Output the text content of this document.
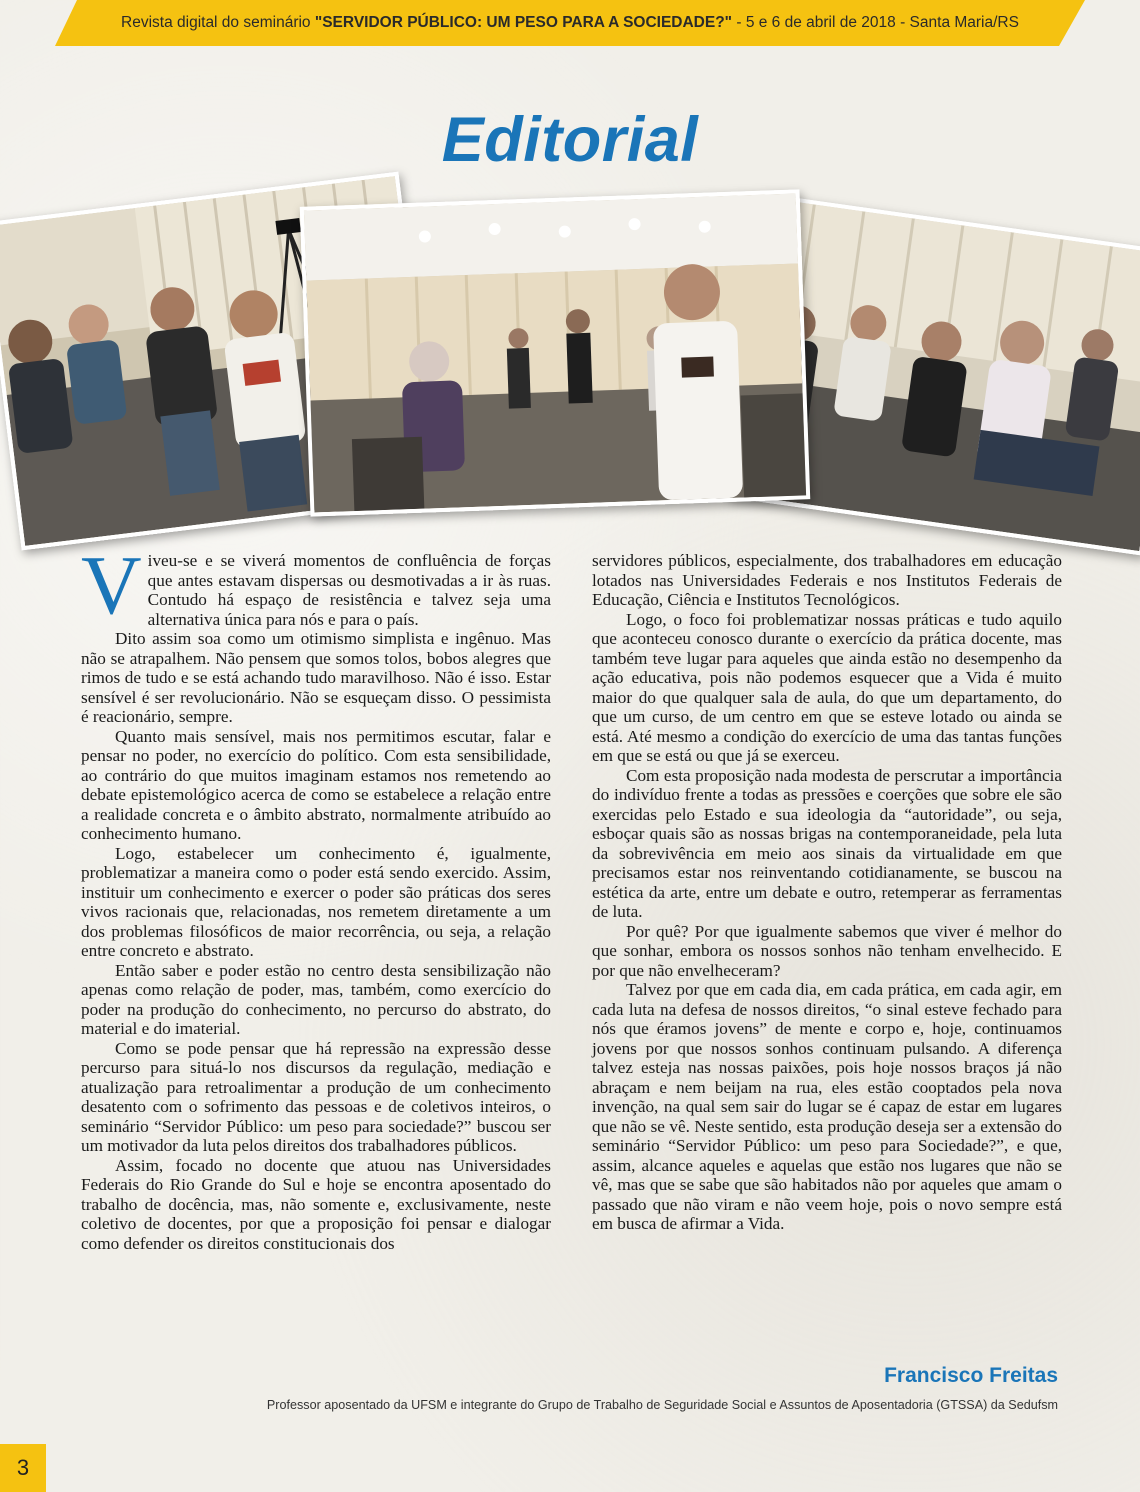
Revista digital do seminário
"SERVIDOR PÚBLICO: UM PESO PARA A SOCIEDADE?"
- 5 e 6 de abril de 2018 - Santa Maria/RS
Editorial

Viveu-se e se viverá momentos de confluência de forças que antes estavam dispersas ou desmotivadas a ir às ruas. Contudo há espaço de resistência e talvez seja uma alternativa única para nós e para o país.

Dito assim soa como um otimismo simplista e ingênuo. Mas não se atrapalhem. Não pensem que somos tolos, bobos alegres que rimos de tudo e se está achando tudo maravilhoso. Não é isso. Estar sensível é ser revolucionário. Não se esqueçam disso. O pessimista é reacionário, sempre.

Quanto mais sensível, mais nos permitimos escutar, falar e pensar no poder, no exercício do político. Com esta sensibilidade, ao contrário do que muitos imaginam estamos nos remetendo ao debate epistemológico acerca de como se estabelece a relação entre a realidade concreta e o âmbito abstrato, normalmente atribuído ao conhecimento humano.

Logo, estabelecer um conhecimento é, igualmente, problematizar a maneira como o poder está sendo exercido. Assim, instituir um conhecimento e exercer o poder são práticas dos seres vivos racionais que, relacionadas, nos remetem diretamente a um dos problemas filosóficos de maior recorrência, ou seja, a relação entre concreto e abstrato.

Então saber e poder estão no centro desta sensibilização não apenas como relação de poder, mas, também, como exercício do poder na produção do conhecimento, no percurso do abstrato, do material e do imaterial.

Como se pode pensar que há repressão na expressão desse percurso para situá-lo nos discursos da regulação, mediação e atualização para retroalimentar a produção de um conhecimento desatento com o sofrimento das pessoas e de coletivos inteiros, o seminário “Servidor Público: um peso para sociedade?” buscou ser um motivador da luta pelos direitos dos trabalhadores públicos.

Assim, focado no docente que atuou nas Universidades Federais do Rio Grande do Sul e hoje se encontra aposentado do trabalho de docência, mas, não somente e, exclusivamente, neste coletivo de docentes, por que a proposição foi pensar e dialogar como defender os direitos constitucionais dos

servidores públicos, especialmente, dos trabalhadores em educação lotados nas Universidades Federais e nos Institutos Federais de Educação, Ciência e Institutos Tecnológicos.

Logo, o foco foi problematizar nossas práticas e tudo aquilo que aconteceu conosco durante o exercício da prática docente, mas também teve lugar para aqueles que ainda estão no desempenho da ação educativa, pois não podemos esquecer que a Vida é muito maior do que qualquer sala de aula, do que um departamento, do que um curso, de um centro em que se esteve lotado ou ainda se está. Até mesmo a condição do exercício de uma das tantas funções em que se está ou que já se exerceu.

Com esta proposição nada modesta de perscrutar a importância do indivíduo frente a todas as pressões e coerções que sobre ele são exercidas pelo Estado e sua ideologia da “autoridade”, ou seja, esboçar quais são as nossas brigas na contemporaneidade, pela luta da sobrevivência em meio aos sinais da virtualidade em que precisamos estar nos reinventando cotidianamente, se buscou na estética da arte, entre um debate e outro, retemperar as ferramentas de luta.

Por quê? Por que igualmente sabemos que viver é melhor do que sonhar, embora os nossos sonhos não tenham envelhecido. E por que não envelheceram?

Talvez por que em cada dia, em cada prática, em cada agir, em cada luta na defesa de nossos direitos, “o sinal esteve fechado para nós que éramos jovens” de mente e corpo e, hoje, continuamos jovens por que nossos sonhos continuam pulsando. A diferença talvez esteja nas nossas paixões, pois hoje nossos braços já não abraçam e nem beijam na rua, eles estão cooptados pela nova invenção, na qual sem sair do lugar se é capaz de estar em lugares que não se vê. Neste sentido, esta produção deseja ser a extensão do seminário “Servidor Público: um peso para Sociedade?”, e que, assim, alcance aqueles e aquelas que estão nos lugares que não se vê, mas que se sabe que são habitados não por aqueles que amam o passado que não viram e não veem hoje, pois o novo sempre está em busca de afirmar a Vida.

Francisco Freitas
Professor aposentado da UFSM e integrante do Grupo de Trabalho de Seguridade Social e Assuntos de Aposentadoria (GTSSA) da Sedufsm
3
